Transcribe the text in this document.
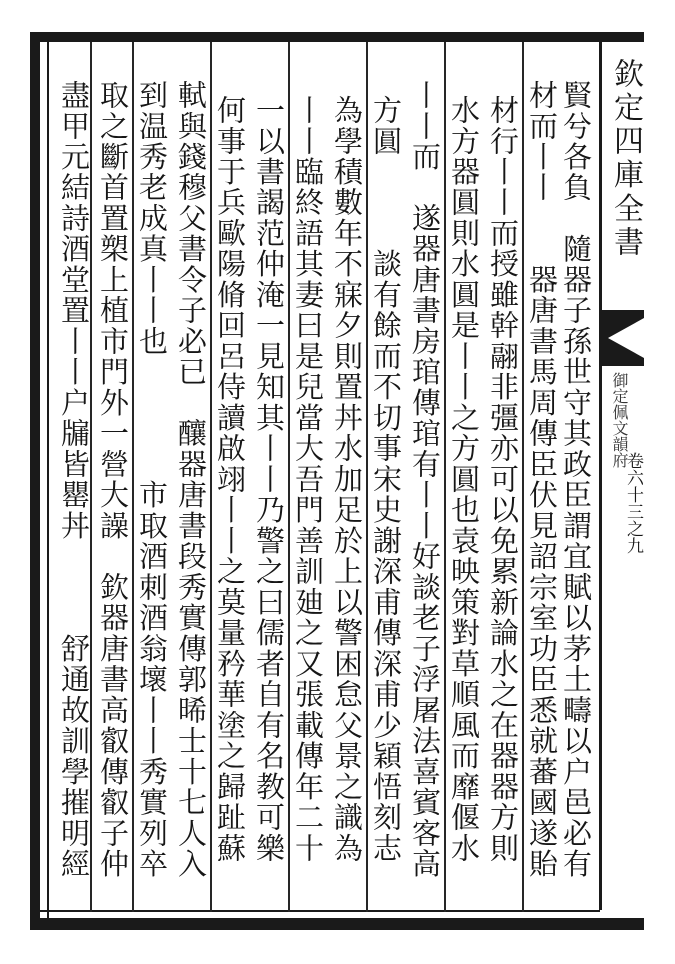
賢兮各負　隨器子孫世守其政臣謂宜賦以茅土疇以户邑必有
材而丨丨　　器唐書馬周傳臣伏見詔宗室功臣悉就蕃國遂貽
材行丨丨而授雖幹翮非彊亦可以免累新論水之在器器方則
水方器圓則水圓是丨丨之方圓也袁映策對草順風而靡偃水
丨丨而　遂器唐書房琯傳琯有丨丨好談老子浮屠法喜賓客高
方圓　　　談有餘而不切事宋史謝深甫傳深甫少穎悟刻志
為學積數年不寐夕則置丼水加足於上以警困怠父景之識為
丨丨臨終語其妻曰是兒當大吾門善訓廸之又張載傳年二十
一以書謁范仲淹一見知其丨丨乃警之曰儒者自有名教可樂
何事于兵歐陽脩回呂侍讀啟翊丨丨之莫量矜華塗之歸趾蘇
軾與錢穆父書令子必已　釀器唐書段秀實傳郭晞士十七人入
到温秀老成真丨丨也　　　　市取酒刺酒翁壞丨丨秀實列卒
取之斷首置槊上植市門外一營大譟　欽器唐書高叡傳叡子仲
盡甲元結詩酒堂置丨丨户牖皆罌丼　　　舒通故訓學摧明經	欽定四庫全書
御定佩文韻府
卷六十三之九
